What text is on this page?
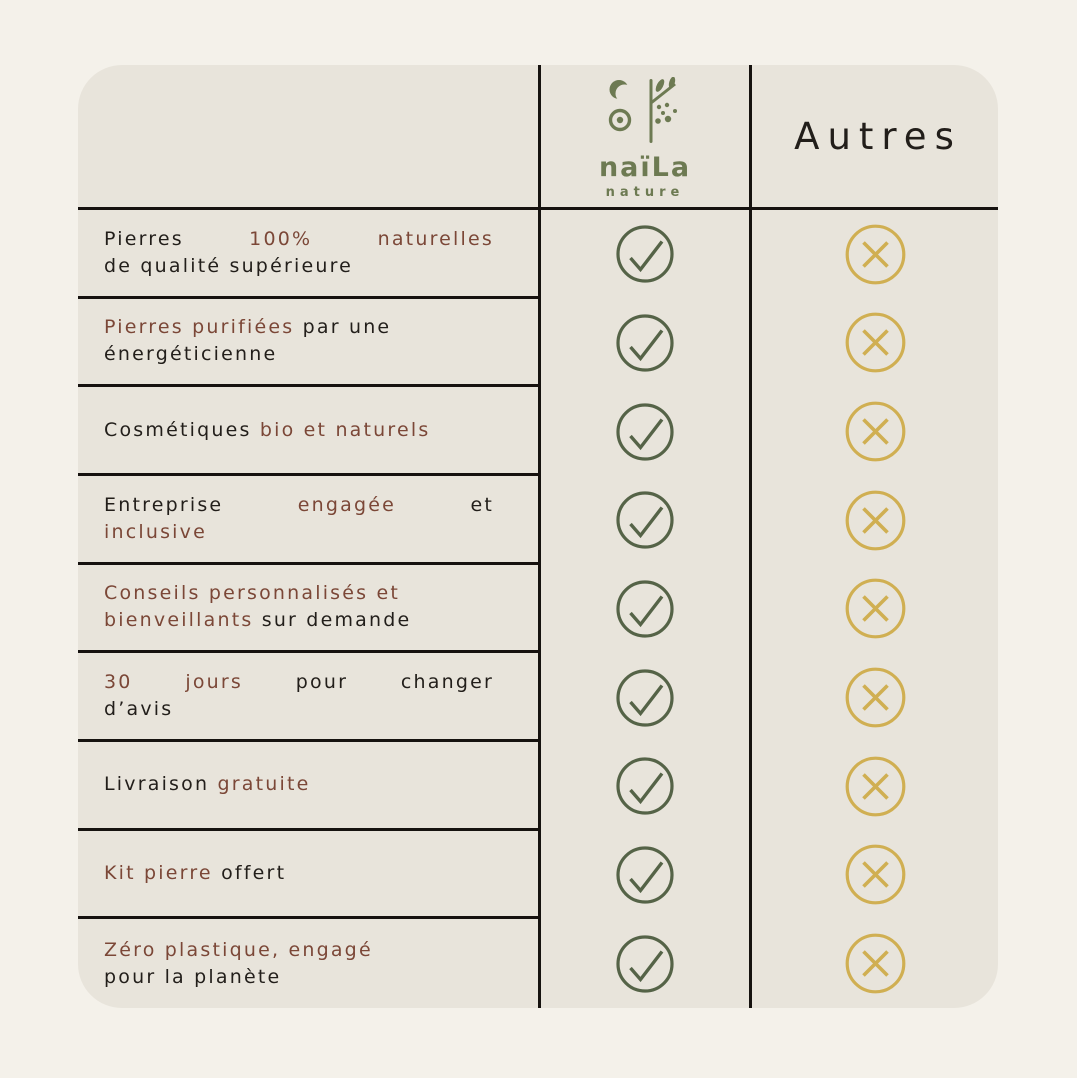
naïLa
nature
Autres

Pierres 100% naturelles
de qualité supérieure

Pierres purifiées par une
énergéticienne

Cosmétiques bio et naturels

Entreprise engagée et
inclusive

Conseils personnalisés et
bienveillants sur demande

30 jours pour changer
d’avis

Livraison gratuite

Kit pierre offert

Zéro plastique, engagé
pour la planète
